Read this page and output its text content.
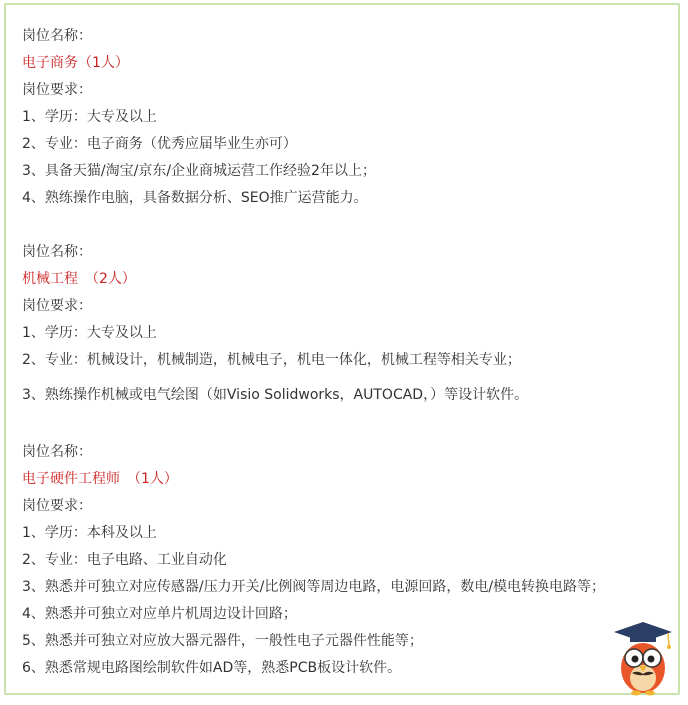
岗位名称：
电子商务（1人）
岗位要求：
1、学历：大专及以上
2、专业：电子商务（优秀应届毕业生亦可）
3、具备天猫/淘宝/京东/企业商城运营工作经验2年以上；
4、熟练操作电脑，具备数据分析、SEO推广运营能力。
岗位名称：
机械工程　（2人）
岗位要求：
1、学历：大专及以上
2、专业：机械设计，机械制造，机械电子，机电一体化，机械工程等相关专业；
3、熟练操作机械或电气绘图（如Visio Solidworks，AUTOCAD，）等设计软件。
岗位名称：
电子硬件工程师　（1人）
岗位要求：
1、学历：本科及以上
2、专业：电子电路、工业自动化
3、熟悉并可独立对应传感器/压力开关/比例阀等周边电路，电源回路，数电/模电转换电路等；
4、熟悉并可独立对应单片机周边设计回路；
5、熟悉并可独立对应放大器元器件，一般性电子元器件性能等；
6、熟悉常规电路图绘制软件如AD等，熟悉PCB板设计软件。
